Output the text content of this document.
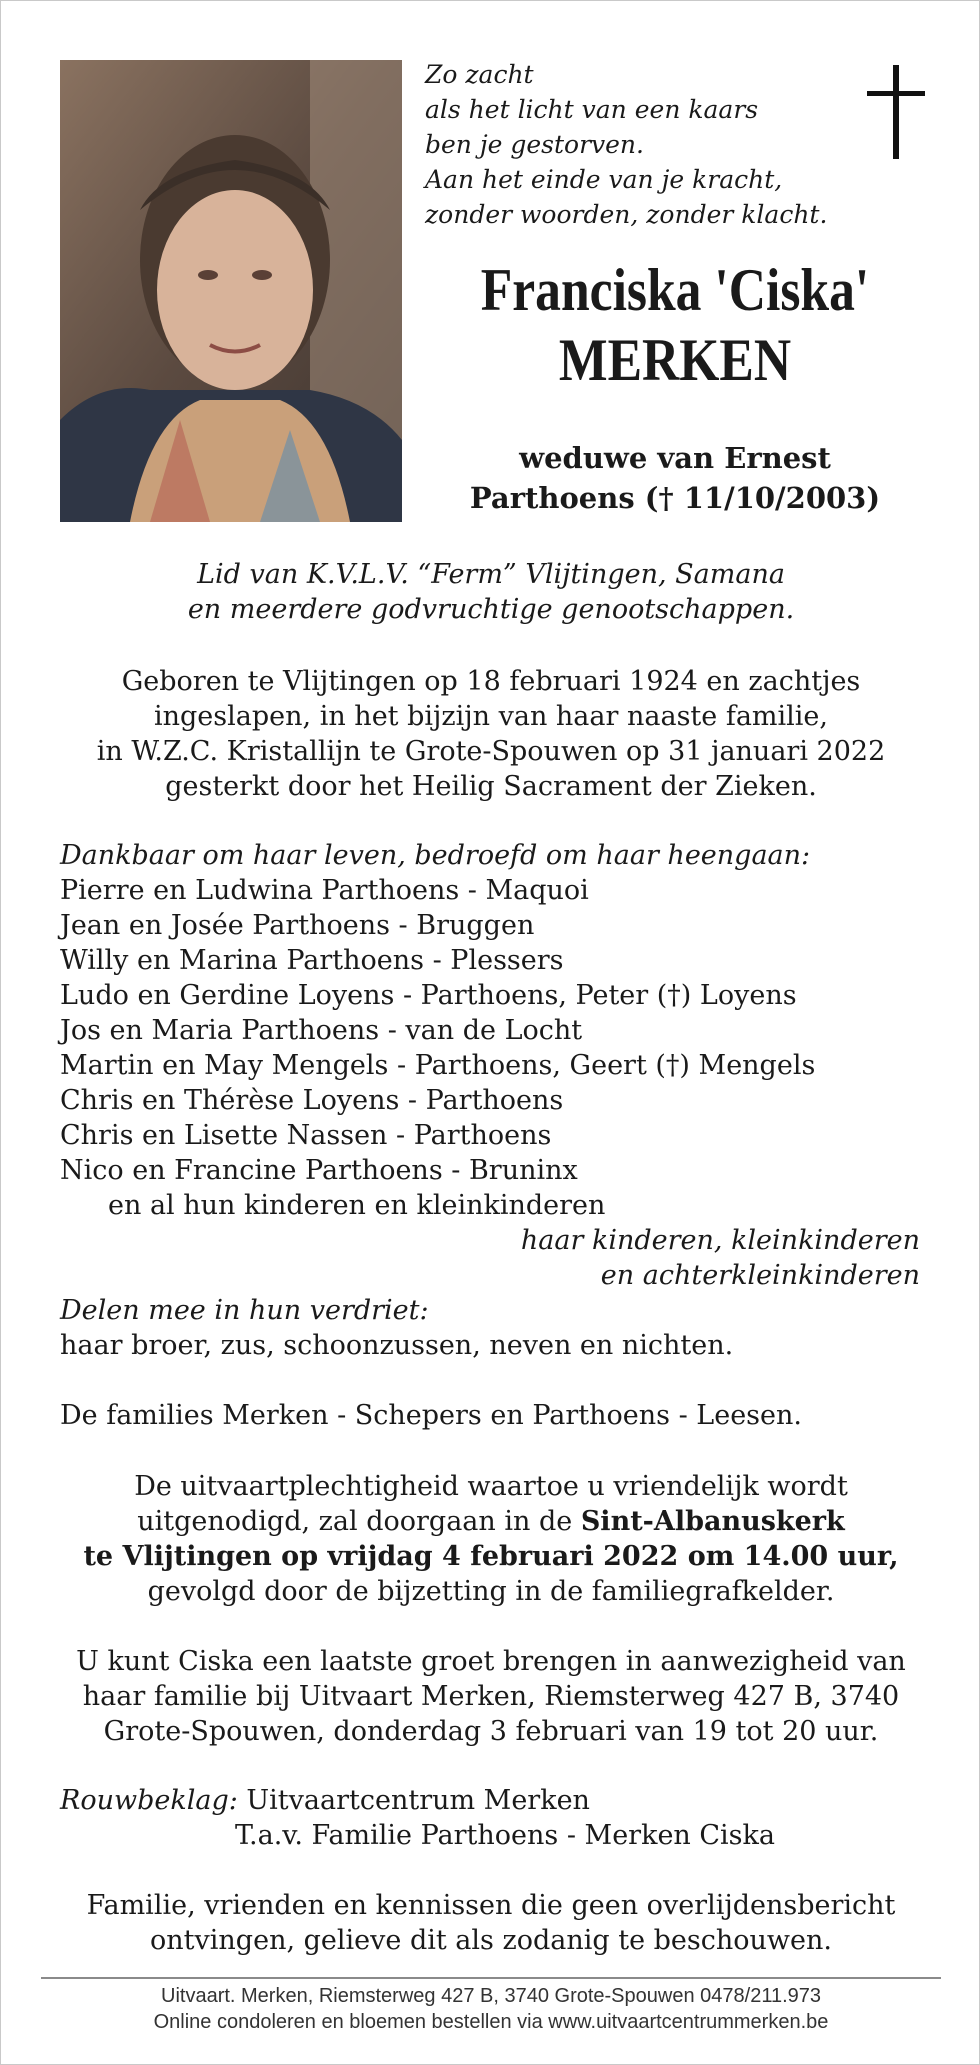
Zo zacht
als het licht van een kaars
ben je gestorven.
Aan het einde van je kracht,
zonder woorden, zonder klacht.
Franciska 'Ciska'
MERKEN
weduwe van Ernest
Parthoens († 11/10/2003)
Lid van K.V.L.V. “Ferm” Vlijtingen, Samana
en meerdere godvruchtige genootschappen.
Geboren te Vlijtingen op 18 februari 1924 en zachtjes
ingeslapen, in het bijzijn van haar naaste familie,
in W.Z.C. Kristallijn te Grote-Spouwen op 31 januari 2022
gesterkt door het Heilig Sacrament der Zieken.
Dankbaar om haar leven, bedroefd om haar heengaan:
Pierre en Ludwina Parthoens - Maquoi
Jean en Josée Parthoens - Bruggen
Willy en Marina Parthoens - Plessers
Ludo en Gerdine Loyens - Parthoens, Peter (†) Loyens
Jos en Maria Parthoens - van de Locht
Martin en May Mengels - Parthoens, Geert (†) Mengels
Chris en Thérèse Loyens - Parthoens
Chris en Lisette Nassen - Parthoens
Nico en Francine Parthoens - Bruninx
en al hun kinderen en kleinkinderen
haar kinderen, kleinkinderen
en achterkleinkinderen
Delen mee in hun verdriet:
haar broer, zus, schoonzussen, neven en nichten.
De families Merken - Schepers en Parthoens - Leesen.
De uitvaartplechtigheid waartoe u vriendelijk wordt
uitgenodigd, zal doorgaan in de Sint-Albanuskerk
te Vlijtingen op vrijdag 4 februari 2022 om 14.00 uur,
gevolgd door de bijzetting in de familiegrafkelder.
U kunt Ciska een laatste groet brengen in aanwezigheid van
haar familie bij Uitvaart Merken, Riemsterweg 427 B, 3740
Grote-Spouwen, donderdag 3 februari van 19 tot 20 uur.
Rouwbeklag: Uitvaartcentrum Merken
T.a.v. Familie Parthoens - Merken Ciska
Familie, vrienden en kennissen die geen overlijdensbericht
ontvingen, gelieve dit als zodanig te beschouwen.
Uitvaart. Merken, Riemsterweg 427 B, 3740 Grote-Spouwen 0478/211.973
Online condoleren en bloemen bestellen via www.uitvaartcentrummerken.be
